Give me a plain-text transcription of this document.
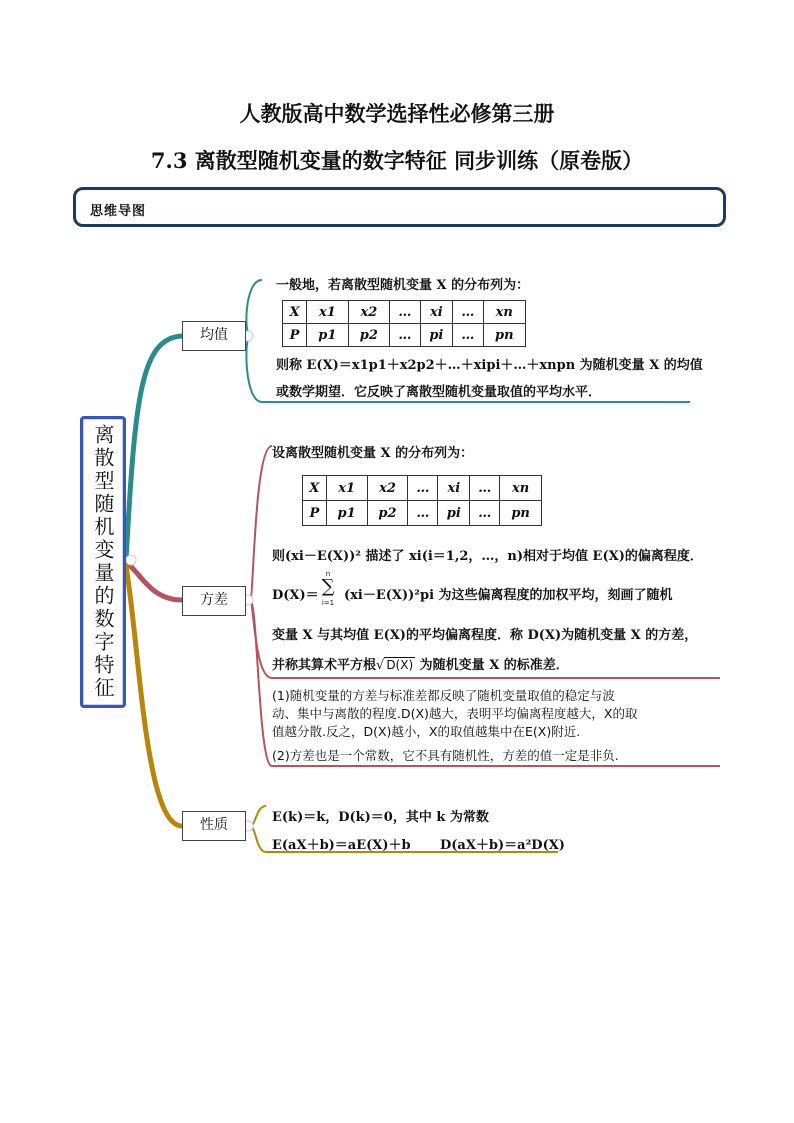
人教版高中数学选择性必修第三册
7.3 离散型随机变量的数字特征 同步训练（原卷版）
思维导图
离散型随机变量的数字特征
均值
一般地，若离散型随机变量 X 的分布列为：
X	x1	x2	…	xi	…	xn
P	p1	p2	…	pi	…	pn
则称 E(X)＝x1p1＋x2p2＋…＋xipi＋…＋xnpn 为随机变量 X 的均值
或数学期望．它反映了离散型随机变量取值的平均水平．
方差
设离散型随机变量 X 的分布列为：
X	x1	x2	…	xi	…	xn
P	p1	p2	…	pi	…	pn
则(xi－E(X))² 描述了 xi(i＝1,2，…，n)相对于均值 E(X)的偏离程度．
D(X)＝
n
∑
i=1 (xi－E(X))²pi 为这些偏离程度的加权平均，刻画了随机
变量 X 与其均值 E(X)的平均偏离程度．称 D(X)为随机变量 X 的方差，
并称其算术平方根√ D(X) 为随机变量 X 的标准差．
(1)随机变量的方差与标准差都反映了随机变量取值的稳定与波
动、集中与离散的程度.D(X)越大，表明平均偏离程度越大，X的取
值越分散.反之，D(X)越小，X的取值越集中在E(X)附近.
(2)方差也是一个常数，它不具有随机性，方差的值一定是非负.
性质	E(k)＝k，D(k)＝0，其中 k 为常数
E(aX＋b)＝aE(X)＋b D(aX＋b)＝a²D(X)
